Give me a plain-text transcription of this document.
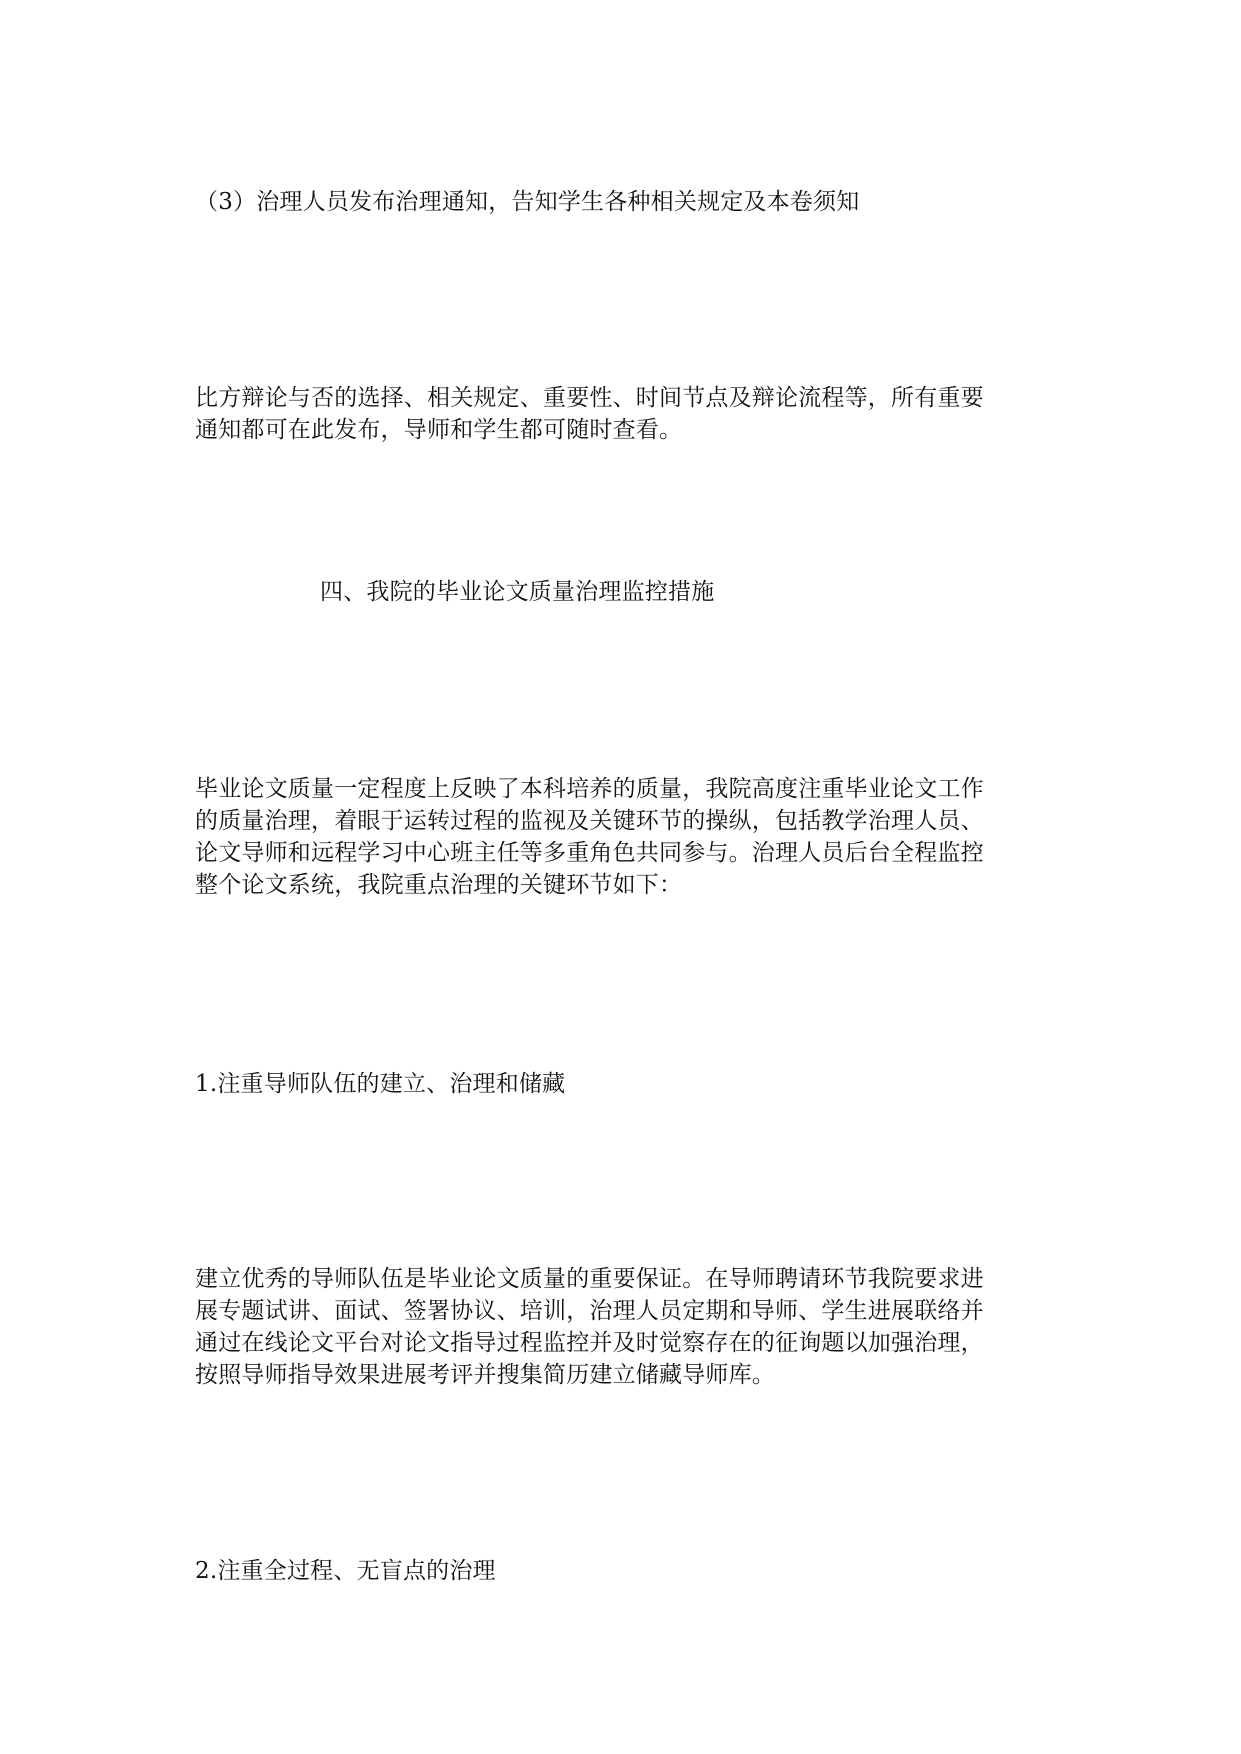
（3）治理人员发布治理通知，告知学生各种相关规定及本卷须知

比方辩论与否的选择、相关规定、重要性、时间节点及辩论流程等，所有重要
通知都可在此发布，导师和学生都可随时查看。

四、我院的毕业论文质量治理监控措施

毕业论文质量一定程度上反映了本科培养的质量，我院高度注重毕业论文工作
的质量治理，着眼于运转过程的监视及关键环节的操纵，包括教学治理人员、
论文导师和远程学习中心班主任等多重角色共同参与。治理人员后台全程监控
整个论文系统，我院重点治理的关键环节如下：

1.注重导师队伍的建立、治理和储藏

建立优秀的导师队伍是毕业论文质量的重要保证。在导师聘请环节我院要求进
展专题试讲、面试、签署协议、培训，治理人员定期和导师、学生进展联络并
通过在线论文平台对论文指导过程监控并及时觉察存在的征询题以加强治理，
按照导师指导效果进展考评并搜集简历建立储藏导师库。

2.注重全过程、无盲点的治理
